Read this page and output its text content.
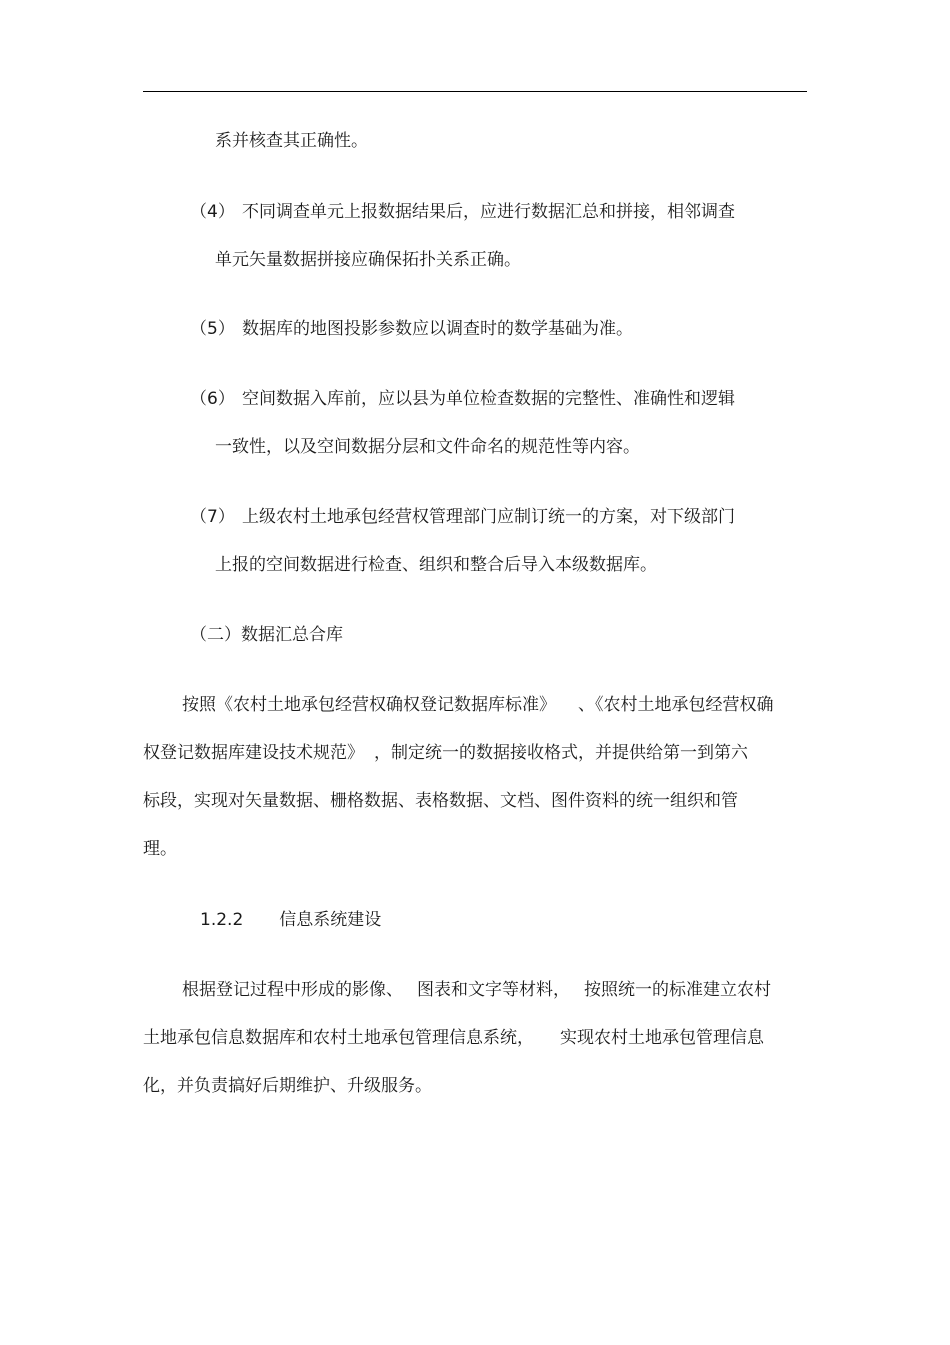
系并核查其正确性。
（4） 不同调查单元上报数据结果后，应进行数据汇总和拼接，相邻调查
单元矢量数据拼接应确保拓扑关系正确。
（5） 数据库的地图投影参数应以调查时的数学基础为准。
（6） 空间数据入库前，应以县为单位检查数据的完整性、准确性和逻辑
一致性，以及空间数据分层和文件命名的规范性等内容。
（7） 上级农村土地承包经营权管理部门应制订统一的方案，对下级部门
上报的空间数据进行检查、组织和整合后导入本级数据库。
（二）数据汇总合库
按照《农村土地承包经营权确权登记数据库标准》 、《农村土地承包经营权确
权登记数据库建设技术规范》 ，制定统一的数据接收格式，并提供给第一到第六
标段，实现对矢量数据、栅格数据、表格数据、文档、图件资料的统一组织和管
理。
1.2.2 信息系统建设
根据登记过程中形成的影像、 图表和文字等材料， 按照统一的标准建立农村
土地承包信息数据库和农村土地承包管理信息系统， 实现农村土地承包管理信息
化，并负责搞好后期维护、升级服务。
